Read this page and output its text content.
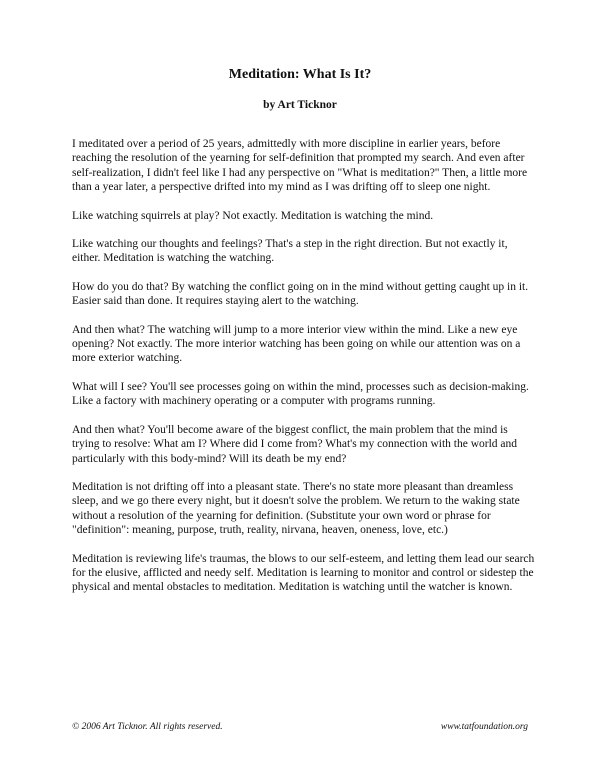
Meditation: What Is It?
by Art Ticknor

I meditated over a period of 25 years, admittedly with more discipline in earlier years, before reaching the resolution of the yearning for self-definition that prompted my search. And even after self-realization, I didn't feel like I had any perspective on "What is meditation?" Then, a little more than a year later, a perspective drifted into my mind as I was drifting off to sleep one night.

Like watching squirrels at play? Not exactly. Meditation is watching the mind.

Like watching our thoughts and feelings? That's a step in the right direction. But not exactly it, either. Meditation is watching the watching.

How do you do that? By watching the conflict going on in the mind without getting caught up in it. Easier said than done. It requires staying alert to the watching.

And then what? The watching will jump to a more interior view within the mind. Like a new eye opening? Not exactly. The more interior watching has been going on while our attention was on a more exterior watching.

What will I see? You'll see processes going on within the mind, processes such as decision-making. Like a factory with machinery operating or a computer with programs running.

And then what? You'll become aware of the biggest conflict, the main problem that the mind is trying to resolve: What am I? Where did I come from? What's my connection with the world and particularly with this body-mind? Will its death be my end?

Meditation is not drifting off into a pleasant state. There's no state more pleasant than dreamless sleep, and we go there every night, but it doesn't solve the problem. We return to the waking state without a resolution of the yearning for definition. (Substitute your own word or phrase for "definition": meaning, purpose, truth, reality, nirvana, heaven, oneness, love, etc.)

Meditation is reviewing life's traumas, the blows to our self-esteem, and letting them lead our search for the elusive, afflicted and needy self. Meditation is learning to monitor and control or sidestep the physical and mental obstacles to meditation. Meditation is watching until the watcher is known.

© 2006 Art Ticknor. All rights reserved.	www.tatfoundation.org
